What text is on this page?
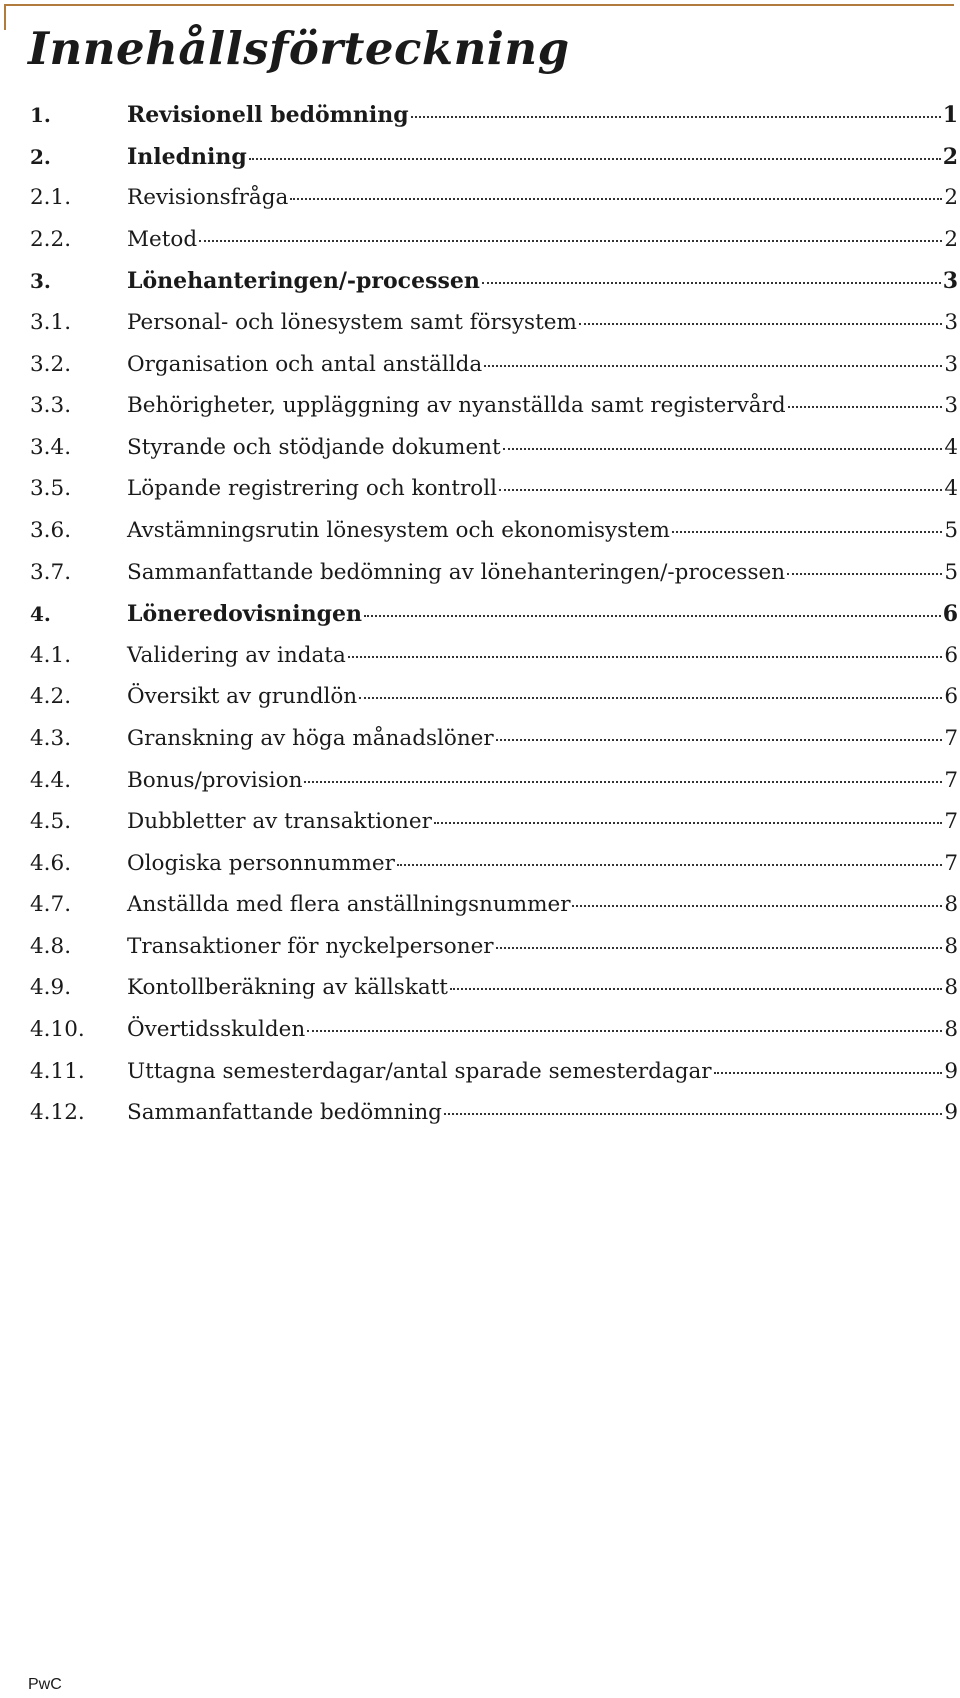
Innehållsförteckning
1.	Revisionell bedömning	1
2.	Inledning	2
2.1.	Revisionsfråga	2
2.2.	Metod	2
3.	Lönehanteringen/-processen	3
3.1.	Personal- och lönesystem samt försystem	3
3.2.	Organisation och antal anställda	3
3.3.	Behörigheter, uppläggning av nyanställda samt registervård	3
3.4.	Styrande och stödjande dokument	4
3.5.	Löpande registrering och kontroll	4
3.6.	Avstämningsrutin lönesystem och ekonomisystem	5
3.7.	Sammanfattande bedömning av lönehanteringen/-processen	5
4.	Löneredovisningen	6
4.1.	Validering av indata	6
4.2.	Översikt av grundlön	6
4.3.	Granskning av höga månadslöner	7
4.4.	Bonus/provision	7
4.5.	Dubbletter av transaktioner	7
4.6.	Ologiska personnummer	7
4.7.	Anställda med flera anställningsnummer	8
4.8.	Transaktioner för nyckelpersoner	8
4.9.	Kontollberäkning av källskatt	8
4.10.	Övertidsskulden	8
4.11.	Uttagna semesterdagar/antal sparade semesterdagar	9
4.12.	Sammanfattande bedömning	9
PwC
